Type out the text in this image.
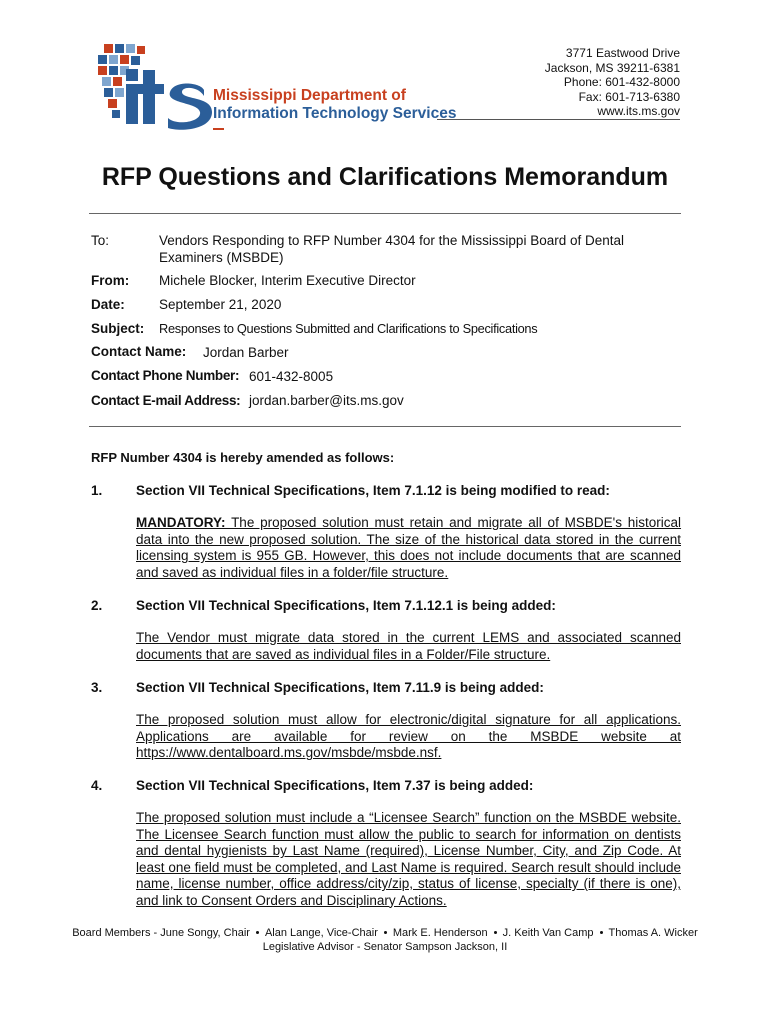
Mississippi Department of
Information Technology Services
3771 Eastwood Drive
Jackson, MS 39211-6381
Phone: 601-432-8000
Fax: 601-713-6380
www.its.ms.gov
RFP Questions and Clarifications Memorandum
To:	Vendors Responding to RFP Number 4304 for the Mississippi Board of Dental Examiners (MSBDE)
From: Michele Blocker, Interim Executive Director
Date:	September 21, 2020
Subject: Responses to Questions Submitted and Clarifications to Specifications
Contact Name: Jordan Barber
Contact Phone Number: 601-432-8005
Contact E-mail Address: jordan.barber@its.ms.gov
RFP Number 4304 is hereby amended as follows:
1. Section VII Technical Specifications, Item 7.1.12 is being modified to read:
MANDATORY: The proposed solution must retain and migrate all of MSBDE's historical data into the new proposed solution. The size of the historical data stored in the current licensing system is 955 GB. However, this does not include documents that are scanned and saved as individual files in a folder/file structure.
2. Section VII Technical Specifications, Item 7.1.12.1 is being added:
The Vendor must migrate data stored in the current LEMS and associated scanned documents that are saved as individual files in a Folder/File structure.
3. Section VII Technical Specifications, Item 7.11.9 is being added:
The proposed solution must allow for electronic/digital signature for all applications. Applications are available for review on the MSBDE website at https://www.dentalboard.ms.gov/msbde/msbde.nsf.
4. Section VII Technical Specifications, Item 7.37 is being added:
The proposed solution must include a “Licensee Search” function on the MSBDE website. The Licensee Search function must allow the public to search for information on dentists and dental hygienists by Last Name (required), License Number, City, and Zip Code. At least one field must be completed, and Last Name is required. Search result should include name, license number, office address/city/zip, status of license, specialty (if there is one), and link to Consent Orders and Disciplinary Actions.
Board Members - June Songy, Chair Alan Lange, Vice-Chair Mark E. Henderson J. Keith Van Camp Thomas A. Wicker
Legislative Advisor - Senator Sampson Jackson, II
